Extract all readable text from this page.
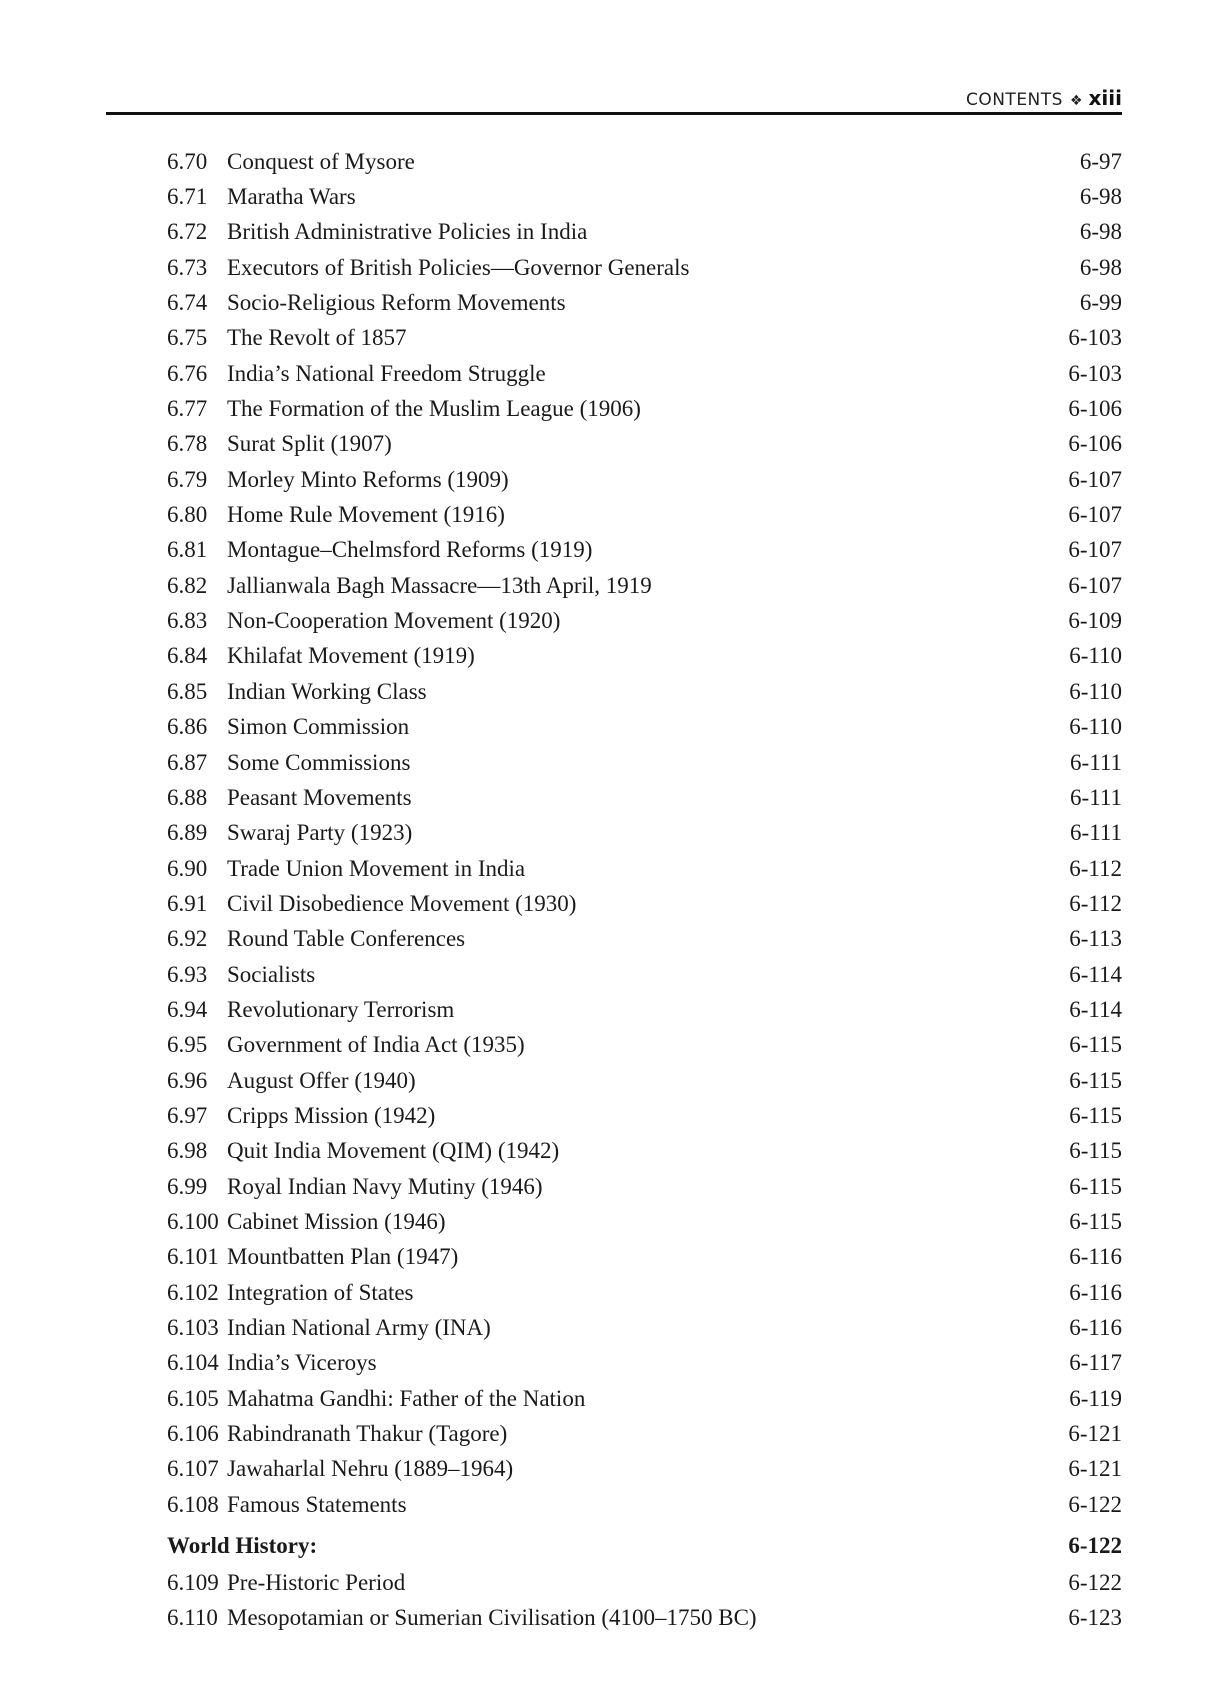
CONTENTS ❖ xiii
6.70 Conquest of Mysore	6-97
6.71 Maratha Wars	6-98
6.72 British Administrative Policies in India	6-98
6.73 Executors of British Policies—Governor Generals	6-98
6.74 Socio-Religious Reform Movements	6-99
6.75 The Revolt of 1857	6-103
6.76 India’s National Freedom Struggle	6-103
6.77 The Formation of the Muslim League (1906)	6-106
6.78 Surat Split (1907)	6-106
6.79 Morley Minto Reforms (1909)	6-107
6.80 Home Rule Movement (1916)	6-107
6.81 Montague–Chelmsford Reforms (1919)	6-107
6.82 Jallianwala Bagh Massacre—13th April, 1919	6-107
6.83 Non-Cooperation Movement (1920)	6-109
6.84 Khilafat Movement (1919)	6-110
6.85 Indian Working Class	6-110
6.86 Simon Commission	6-110
6.87 Some Commissions	6-111
6.88 Peasant Movements	6-111
6.89 Swaraj Party (1923)	6-111
6.90 Trade Union Movement in India	6-112
6.91 Civil Disobedience Movement (1930)	6-112
6.92 Round Table Conferences	6-113
6.93 Socialists	6-114
6.94 Revolutionary Terrorism	6-114
6.95 Government of India Act (1935)	6-115
6.96 August Offer (1940)	6-115
6.97 Cripps Mission (1942)	6-115
6.98 Quit India Movement (QIM) (1942)	6-115
6.99 Royal Indian Navy Mutiny (1946)	6-115
6.100 Cabinet Mission (1946)	6-115
6.101 Mountbatten Plan (1947)	6-116
6.102 Integration of States	6-116
6.103 Indian National Army (INA)	6-116
6.104 India’s Viceroys	6-117
6.105 Mahatma Gandhi: Father of the Nation	6-119
6.106 Rabindranath Thakur (Tagore)	6-121
6.107 Jawaharlal Nehru (1889–1964)	6-121
6.108 Famous Statements	6-122
World History:	6-122
6.109 Pre-Historic Period	6-122
6.110 Mesopotamian or Sumerian Civilisation (4100–1750 BC)	6-123
